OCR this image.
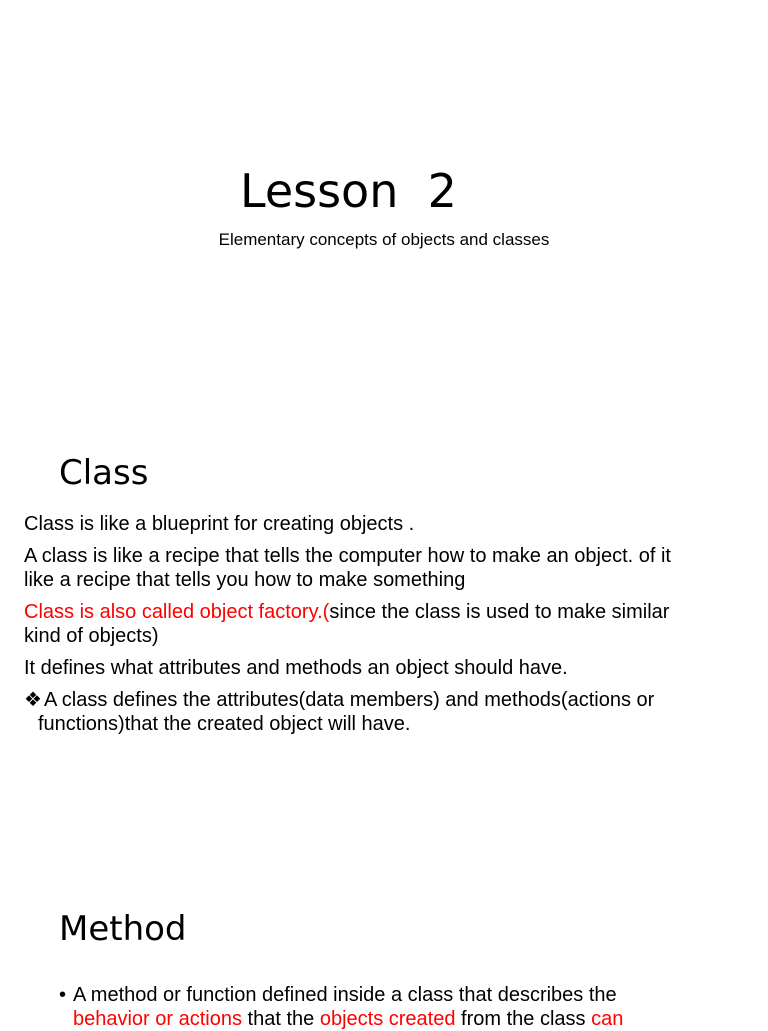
Lesson  2
Elementary concepts of objects and classes
Class
Class is like a blueprint for creating objects .
A class is like a recipe that tells the computer how to make an object. of it
like a recipe that tells you how to make something
Class is also called object factory.(since the class is used to make similar
kind of objects)
It defines what attributes and methods an object should have.
❖ A class defines the attributes(data members) and methods(actions or
functions)that the created object will have.
Method
• A method or function defined inside a class that describes the
behavior or actions that the objects created from the class can
